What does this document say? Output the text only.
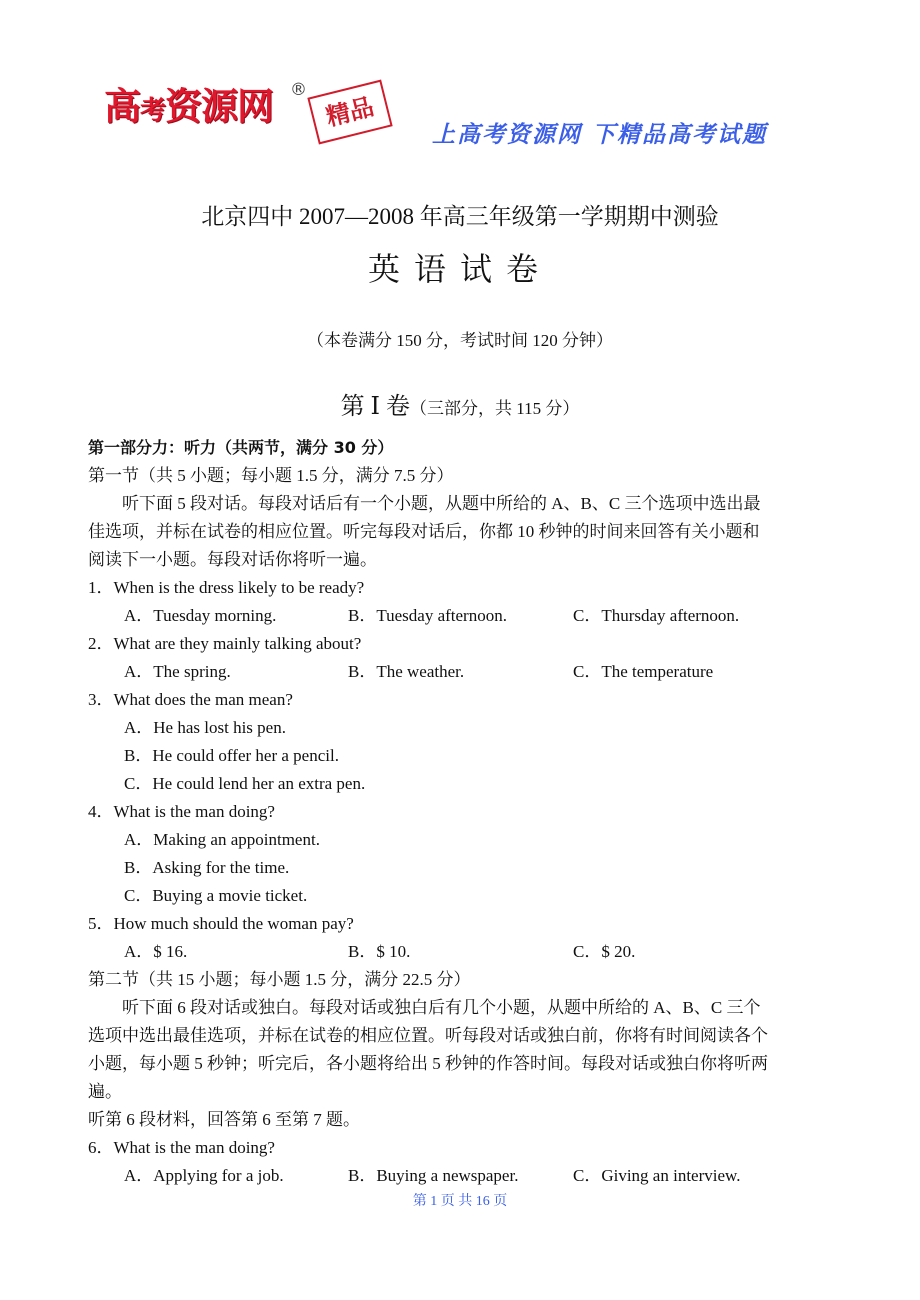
高考资源网 ®
精品
上高考资源网 下精品高考试题
北京四中 2007—2008 年高三年级第一学期期中测验
英语试卷
（本卷满分 150 分，考试时间 120 分钟）
第 Ⅰ 卷（三部分，共 115 分）
第一部分力：听力（共两节，满分 30 分）
第一节（共 5 小题；每小题 1.5 分，满分 7.5 分）
听下面 5 段对话。每段对话后有一个小题，从题中所给的 A、B、C 三个选项中选出最
佳选项，并标在试卷的相应位置。听完每段对话后，你都 10 秒钟的时间来回答有关小题和
阅读下一小题。每段对话你将听一遍。
1．When is the dress likely to be ready?
A．Tuesday morning.	B．Tuesday afternoon.	C．Thursday afternoon.
2．What are they mainly talking about?
A．The spring.	B．The weather.	C．The temperature
3．What does the man mean?
A．He has lost his pen.
B．He could offer her a pencil.
C．He could lend her an extra pen.
4．What is the man doing?
A．Making an appointment.
B．Asking for the time.
C．Buying a movie ticket.
5．How much should the woman pay?
A．$ 16.	B．$ 10.	C．$ 20.
第二节（共 15 小题；每小题 1.5 分，满分 22.5 分）
听下面 6 段对话或独白。每段对话或独白后有几个小题，从题中所给的 A、B、C 三个
选项中选出最佳选项，并标在试卷的相应位置。听每段对话或独白前，你将有时间阅读各个
小题，每小题 5 秒钟；听完后，各小题将给出 5 秒钟的作答时间。每段对话或独白你将听两
遍。
听第 6 段材料，回答第 6 至第 7 题。
6．What is the man doing?
A．Applying for a job.	B．Buying a newspaper.	C．Giving an interview.
第 1 页 共 16 页
